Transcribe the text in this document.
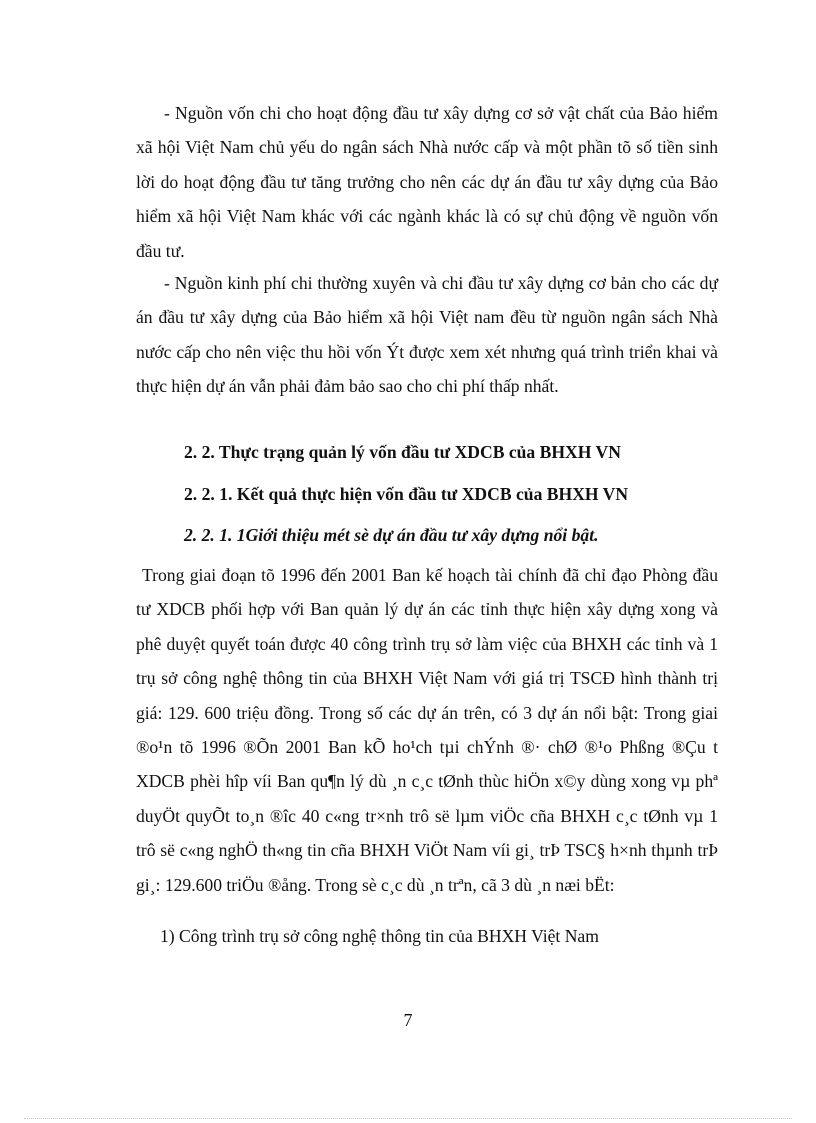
- Nguồn vốn chi cho hoạt động đầu tư xây dựng cơ sở vật chất của Bảo hiểm xã hội Việt Nam chủ yếu do ngân sách Nhà nước cấp và một phần tõ số tiền sinh lời do hoạt động đầu tư tăng trưởng cho nên các dự án đầu tư xây dựng của Bảo hiểm xã hội Việt Nam khác với các ngành khác là có sự chủ động về nguồn vốn đầu tư.

- Nguồn kinh phí chi thường xuyên và chi đầu tư xây dựng cơ bản cho các dự án đầu tư xây dựng của Bảo hiểm xã hội Việt nam đều từ nguồn ngân sách Nhà nước cấp cho nên việc thu hồi vốn Ýt được xem xét nhưng quá trình triển khai và thực hiện dự án vẫn phải đảm bảo sao cho chi phí thấp nhất.

2. 2. Thực trạng quản lý vốn đầu tư XDCB của BHXH VN

2. 2. 1. Kết quả thực hiện vốn đầu tư XDCB của BHXH VN

2. 2. 1. 1Giới thiệu mét sè dự án đầu tư xây dựng nổi bật.

Trong giai đoạn tõ 1996 đến 2001 Ban kế hoạch tài chính đã chỉ đạo Phòng đầu tư XDCB phối hợp với Ban quản lý dự án các tỉnh thực hiện xây dựng xong và phê duyệt quyết toán được 40 công trình trụ sở làm việc của BHXH các tỉnh và 1 trụ sở công nghệ thông tin của BHXH Việt Nam với giá trị TSCĐ hình thành trị giá: 129. 600 triệu đồng. Trong số các dự án trên, có 3 dự án nổi bật: Trong giai ®o¹n tõ 1996 ®Õn 2001 Ban kÕ ho¹ch tµi chÝnh ®· chØ ®¹o Phßng ®Çu t XDCB phèi hîp víi Ban qu¶n lý dù ¸n c¸c tØnh thùc hiÖn x©y dùng xong vµ phª duyÖt quyÕt to¸n ®îc 40 c«ng tr×nh trô së lµm viÖc cña BHXH c¸c tØnh vµ 1 trô së c«ng nghÖ th«ng tin cña BHXH ViÖt Nam víi gi¸ trÞ TSC§ h×nh thµnh trÞ gi¸: 129.600 triÖu ®ång. Trong sè c¸c dù ¸n trªn, cã 3 dù ¸n næi bËt:

1) Công trình trụ sở công nghệ thông tin của BHXH Việt Nam

7
